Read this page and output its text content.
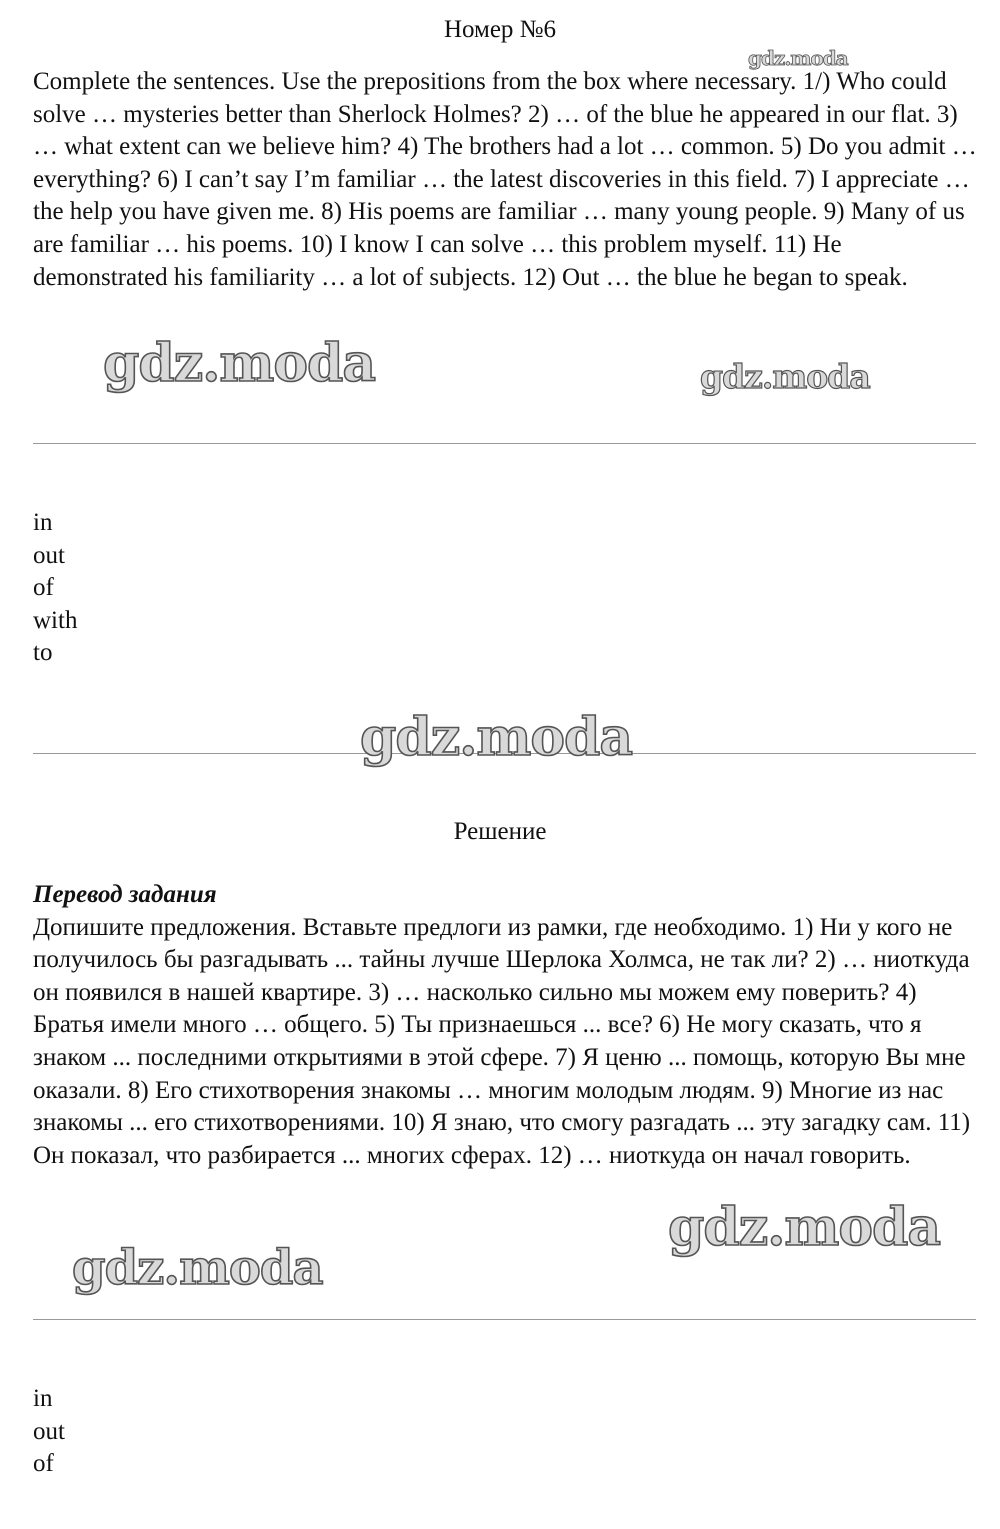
Номер №6

Complete the sentences. Use the prepositions from the box where necessary. 1/) Who could solve … mysteries better than Sherlock Holmes? 2) … of the blue he appeared in our flat. 3) … what extent can we believe him? 4) The brothers had a lot … common. 5) Do you admit … everything? 6) I can’t say I’m familiar … the latest discoveries in this field. 7) I appreciate … the help you have given me. 8) His poems are familiar … many young people. 9) Many of us are familiar … his poems. 10) I know I can solve … this problem myself. 11) He demonstrated his familiarity … a lot of subjects. 12) Out … the blue he began to speak.

in
out
of
with
to
Решение
Перевод задания

Допишите предложения. Вставьте предлоги из рамки, где необходимо. 1) Ни у кого не получилось бы разгадывать ... тайны лучше Шерлока Холмса, не так ли? 2) … ниоткуда он появился в нашей квартире. 3) … насколько сильно мы можем ему поверить? 4) Братья имели много … общего. 5) Ты признаешься ... все? 6) Не могу сказать, что я знаком ... последними открытиями в этой сфере. 7) Я ценю ... помощь, которую Вы мне оказали. 8) Его стихотворения знакомы … многим молодым людям. 9) Многие из нас знакомы ... его стихотворениями. 10) Я знаю, что смогу разгадать ... эту загадку сам. 11) Он показал, что разбирается ... многих сферах. 12) … ниоткуда он начал говорить.

in
out
of
gdz.moda
gdz.moda	gdz.moda
gdz.moda
gdz.moda
gdz.moda
